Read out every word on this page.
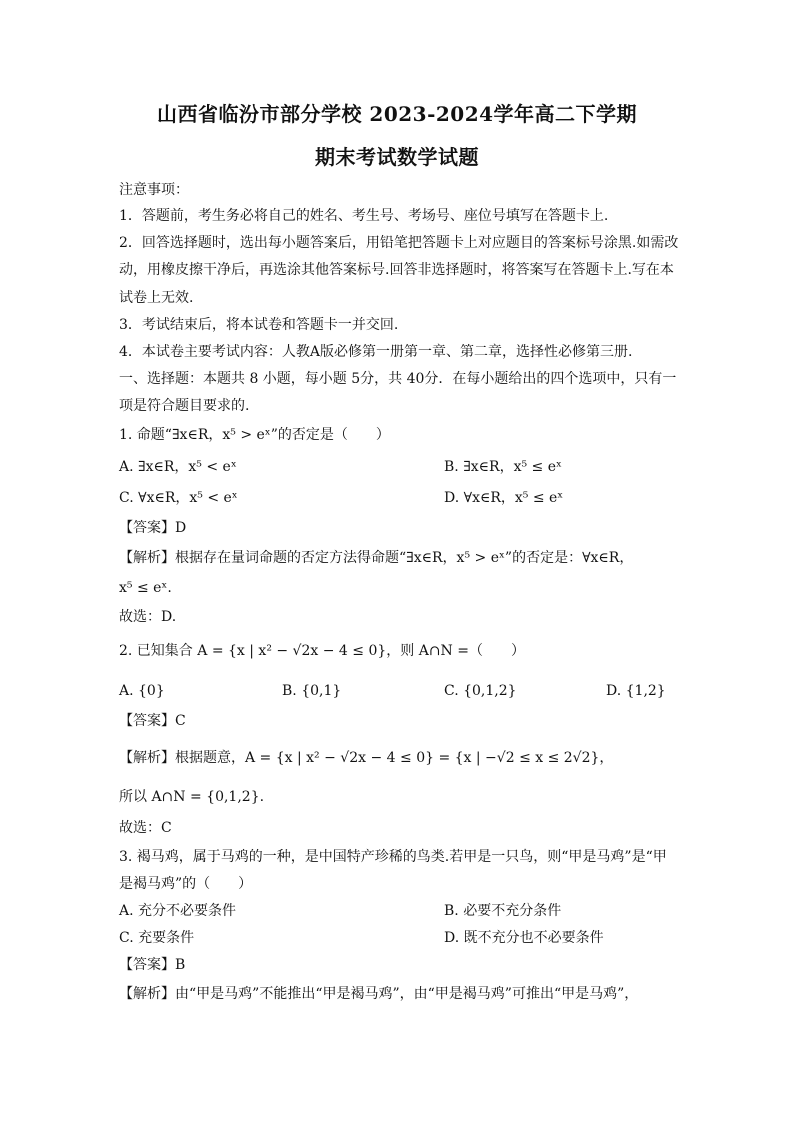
山西省临汾市部分学校 2023-2024学年高二下学期
期末考试数学试题
注意事项：
1．答题前，考生务必将自己的姓名、考生号、考场号、座位号填写在答题卡上.
2．回答选择题时，选出每小题答案后，用铅笔把答题卡上对应题目的答案标号涂黑.如需改
动，用橡皮擦干净后，再选涂其他答案标号.回答非选择题时，将答案写在答题卡上.写在本
试卷上无效.
3．考试结束后，将本试卷和答题卡一并交回.
4．本试卷主要考试内容：人教A版必修第一册第一章、第二章，选择性必修第三册.
一、选择题：本题共 8 小题，每小题 5分，共 40分．在每小题给出的四个选项中，只有一
项是符合题目要求的.
1. 命题“∃x∈R，x⁵ > eˣ”的否定是（　　）
A. ∃x∈R，x⁵ < eˣ	B. ∃x∈R，x⁵ ≤ eˣ
C. ∀x∈R，x⁵ < eˣ	D. ∀x∈R，x⁵ ≤ eˣ
【答案】D
【解析】根据存在量词命题的否定方法得命题“∃x∈R，x⁵ > eˣ”的否定是：∀x∈R，
x⁵ ≤ eˣ.
故选：D.
2. 已知集合 A = {x | x² − √2x − 4 ≤ 0}，则 A∩N =（　　）
A. {0}	B. {0,1}	C. {0,1,2}	D. {1,2}
【答案】C
【解析】根据题意，A = {x | x² − √2x − 4 ≤ 0} = {x | −√2 ≤ x ≤ 2√2}，
所以 A∩N = {0,1,2}.
故选：C
3. 褐马鸡，属于马鸡的一种，是中国特产珍稀的鸟类.若甲是一只鸟，则“甲是马鸡”是“甲
是褐马鸡”的（　　）
A. 充分不必要条件	B. 必要不充分条件
C. 充要条件	D. 既不充分也不必要条件
【答案】B
【解析】由“甲是马鸡”不能推出“甲是褐马鸡”，由“甲是褐马鸡”可推出“甲是马鸡”，
